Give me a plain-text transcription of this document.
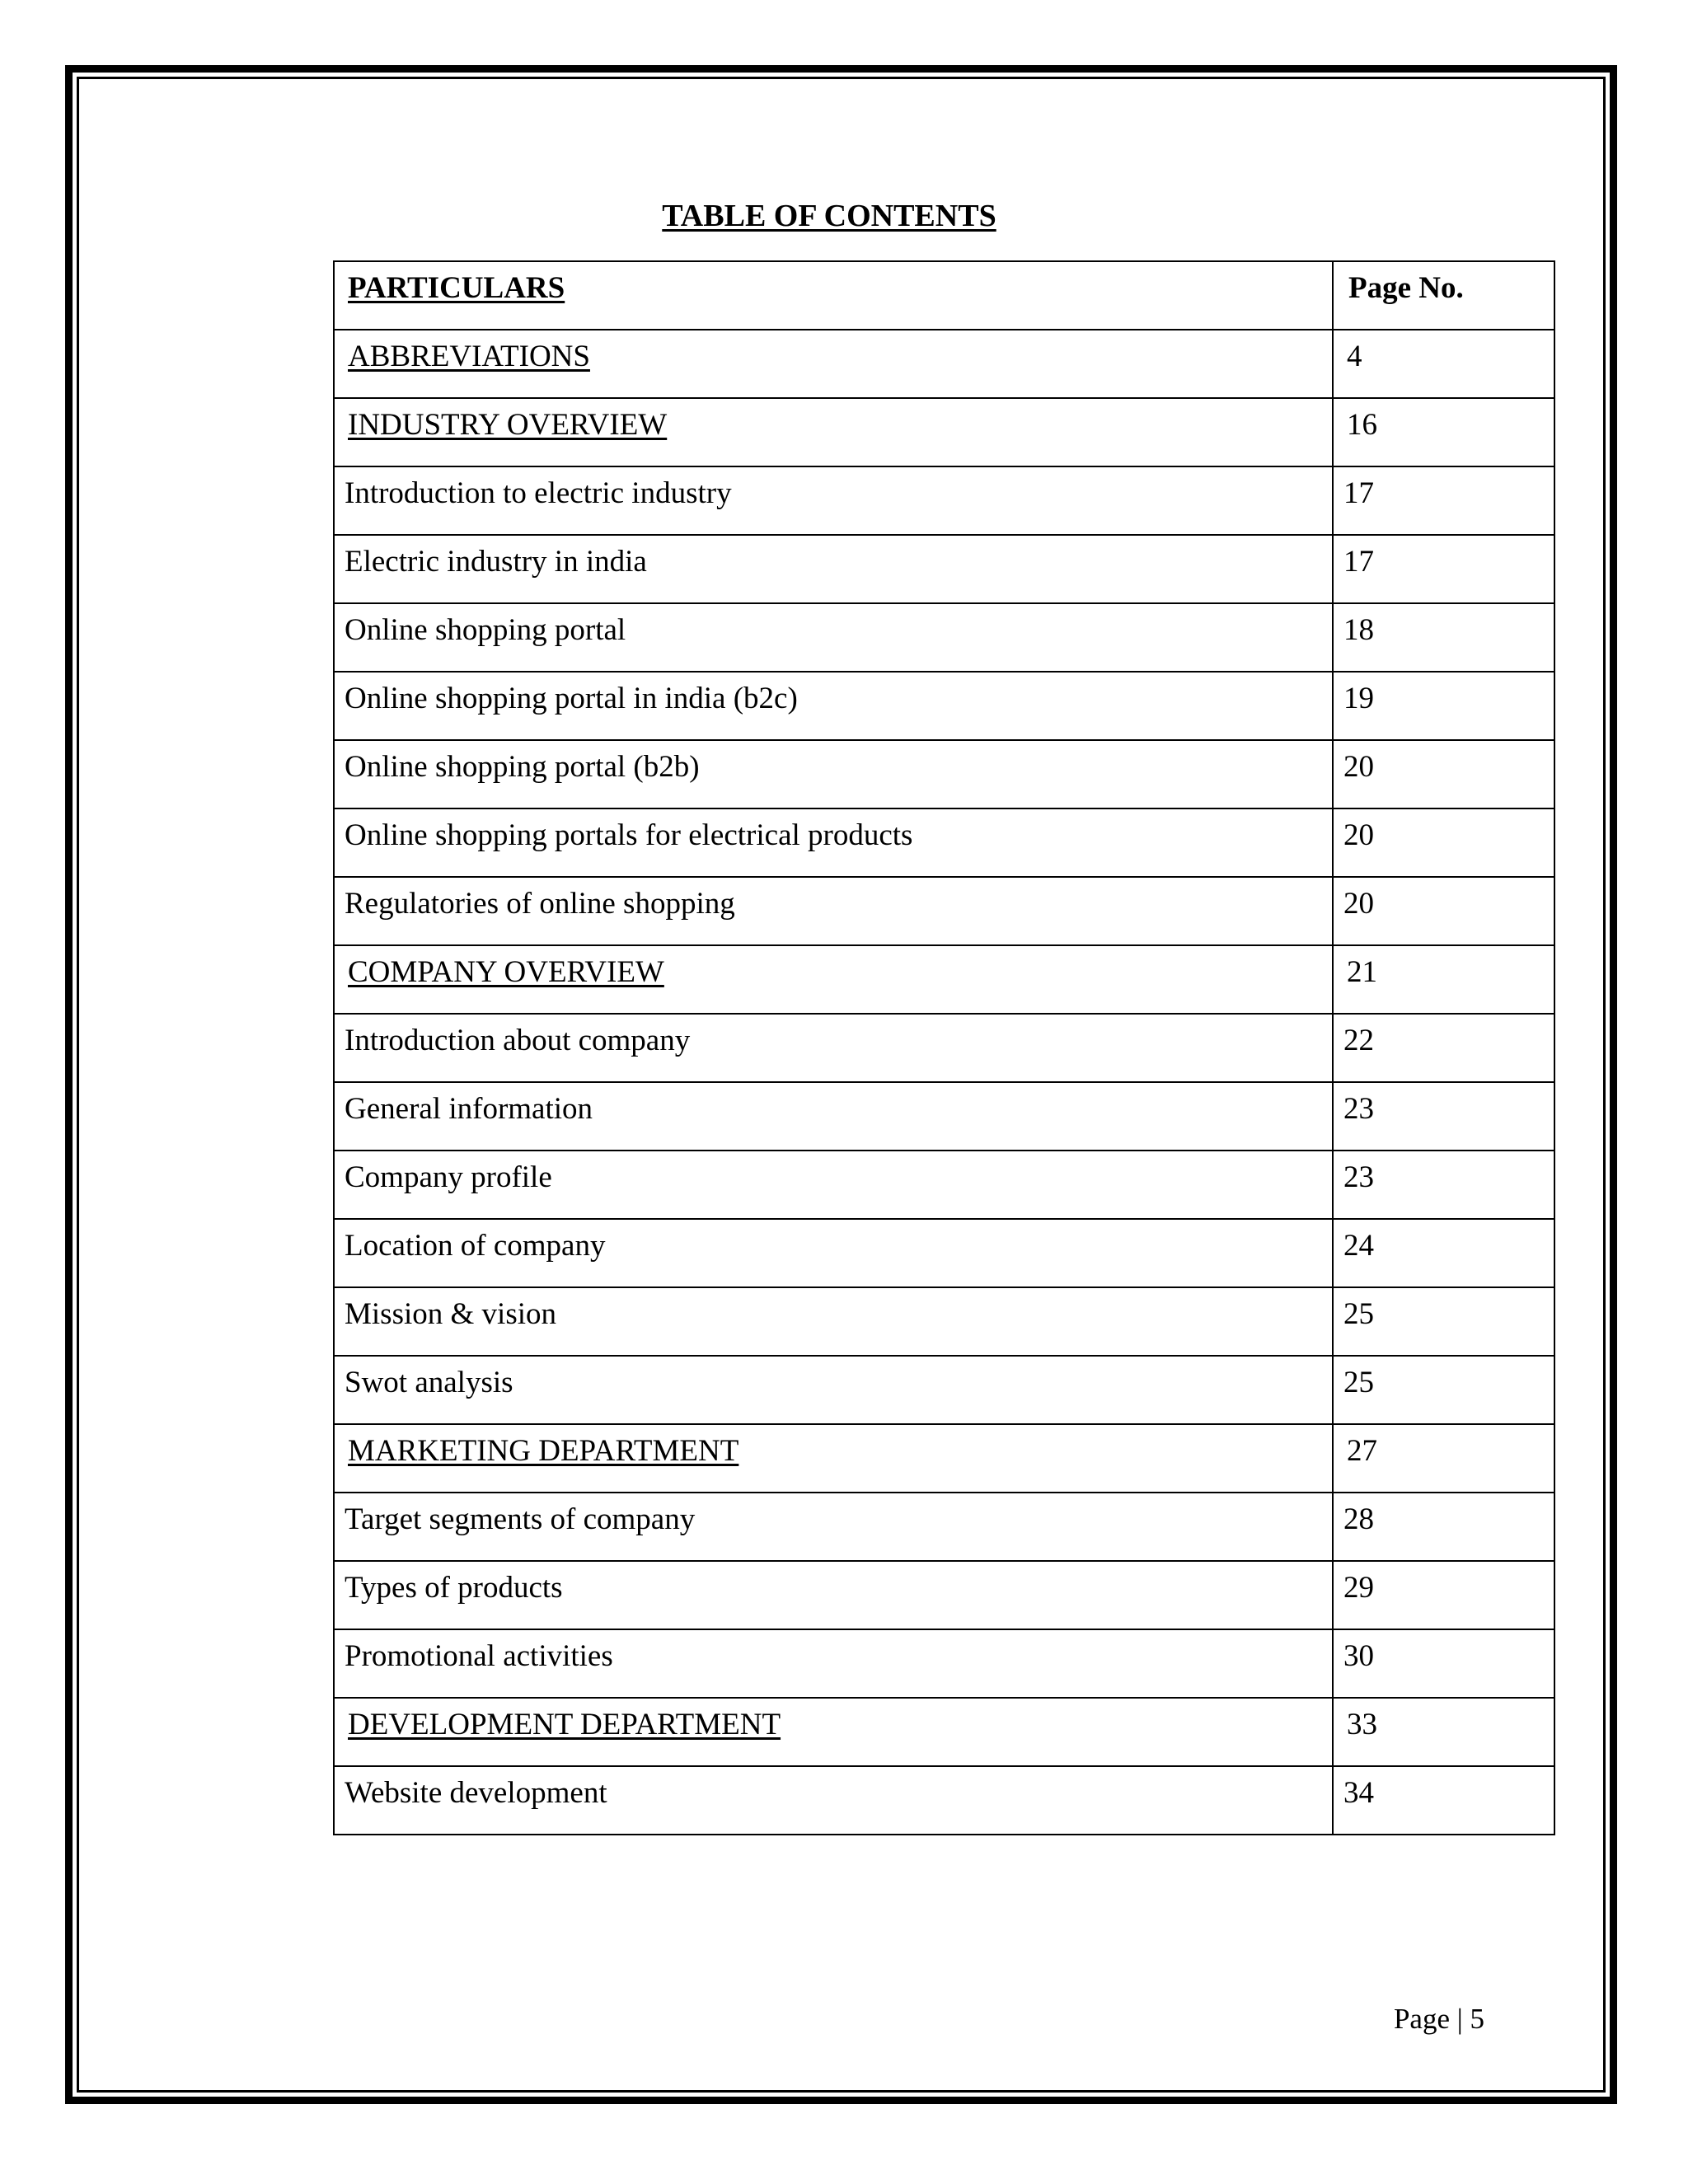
TABLE OF CONTENTS
PARTICULARS	Page No.
ABBREVIATIONS	4
INDUSTRY OVERVIEW	16
Introduction to electric industry	17
Electric industry in india	17
Online shopping portal	18
Online shopping portal in india (b2c)	19
Online shopping portal (b2b)	20
Online shopping portals for electrical products	20
Regulatories of online shopping	20
COMPANY OVERVIEW	21
Introduction about company	22
General information	23
Company profile	23
Location of company	24
Mission & vision	25
Swot analysis	25
MARKETING DEPARTMENT	27
Target segments of company	28
Types of products	29
Promotional activities	30
DEVELOPMENT DEPARTMENT	33
Website development	34
Page | 5
